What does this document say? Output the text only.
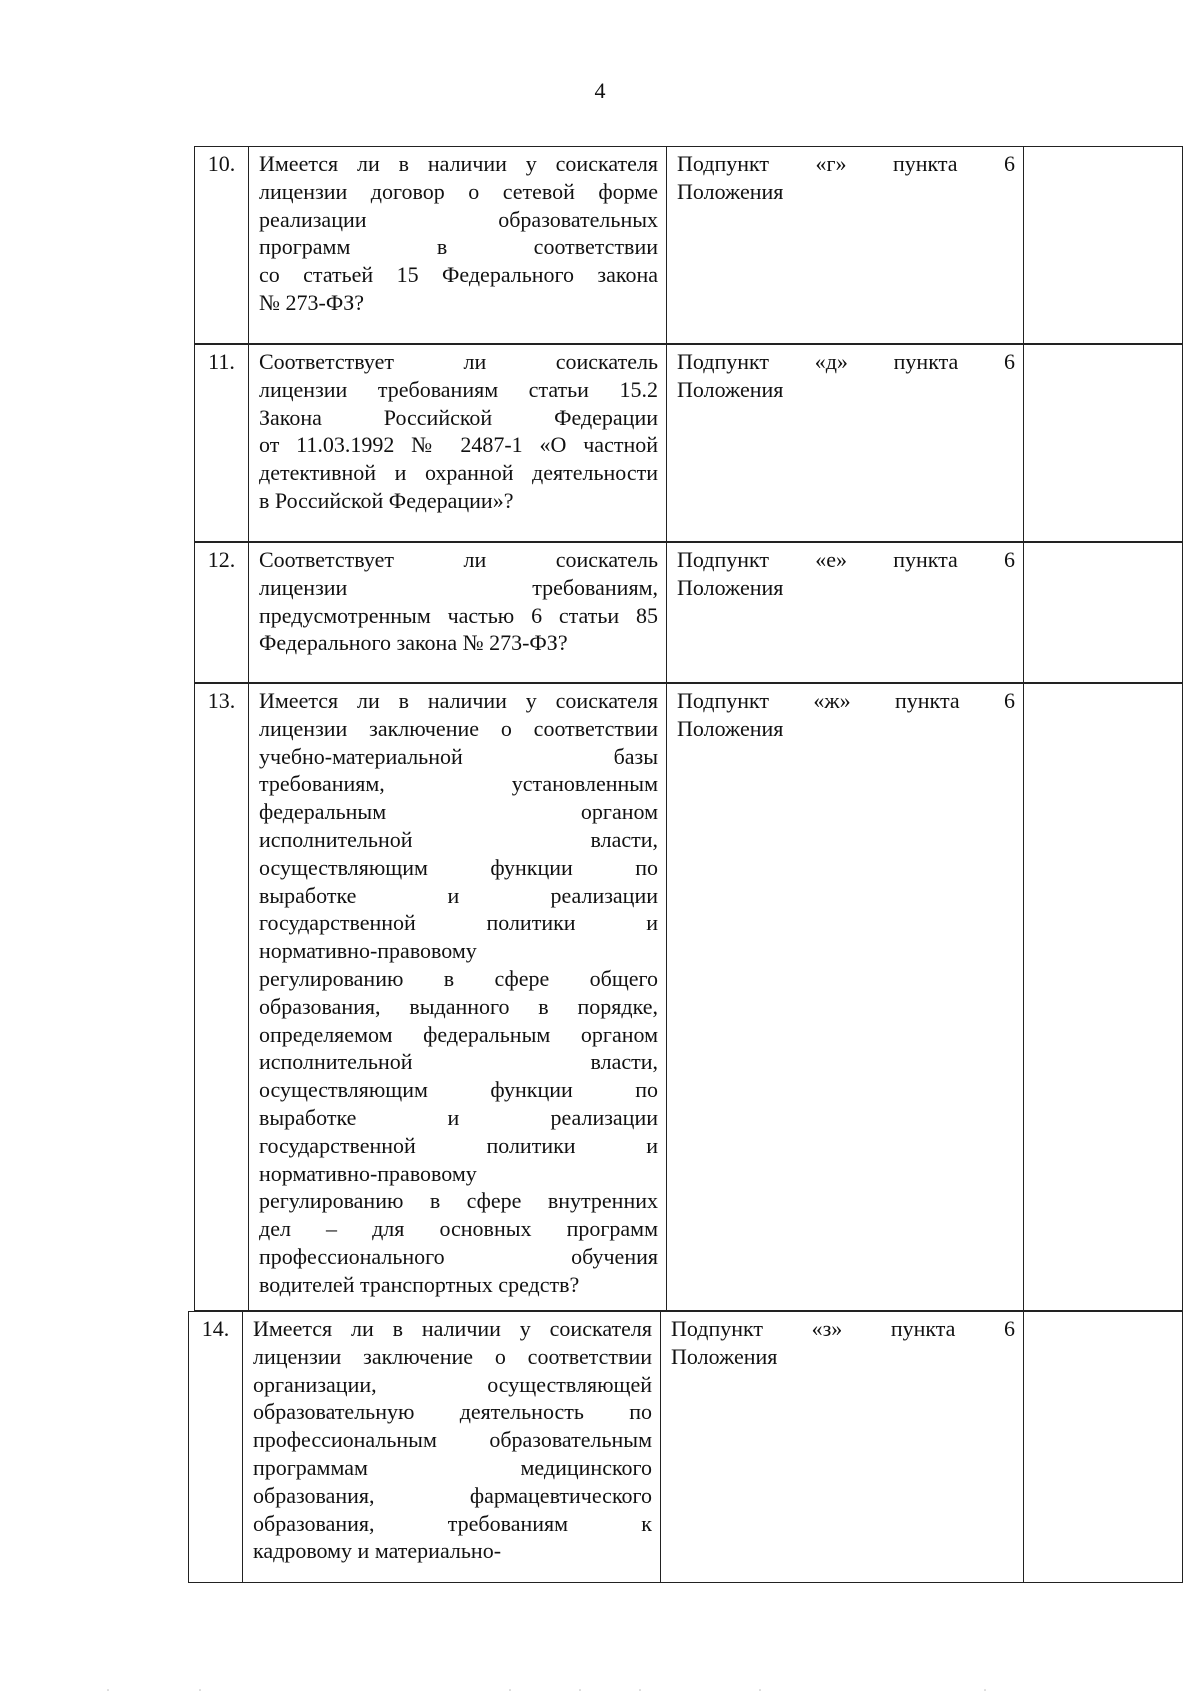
4
10.	Имеется ли в наличии у соискателя
лицензии договор о сетевой форме
реализации образовательных
программ в соответствии
со статьей 15 Федерального закона
№ 273-ФЗ?
Подпункт «г» пункта 6
Положения
11.	Соответствует ли соискатель
лицензии требованиям статьи 15.2
Закона Российской Федерации
от 11.03.1992 № 2487-1 «О частной
детективной и охранной деятельности
в Российской Федерации»?
Подпункт «д» пункта 6
Положения
12.	Соответствует ли соискатель
лицензии требованиям,
предусмотренным частью 6 статьи 85
Федерального закона № 273-ФЗ?
Подпункт «е» пункта 6
Положения
13.	Имеется ли в наличии у соискателя
лицензии заключение о соответствии
учебно-материальной базы
требованиям, установленным
федеральным органом
исполнительной власти,
осуществляющим функции по
выработке и реализации
государственной политики и
нормативно-правовому
регулированию в сфере общего
образования, выданного в порядке,
определяемом федеральным органом
исполнительной власти,
осуществляющим функции по
выработке и реализации
государственной политики и
нормативно-правовому
регулированию в сфере внутренних
дел – для основных программ
профессионального обучения
водителей транспортных средств?
Подпункт «ж» пункта 6
Положения
14.	Имеется ли в наличии у соискателя
лицензии заключение о соответствии
организации, осуществляющей
образовательную деятельность по
профессиональным образовательным
программам медицинского
образования, фармацевтического
образования, требованиям к
кадровому и материально-
Подпункт «з» пункта 6
Положения
